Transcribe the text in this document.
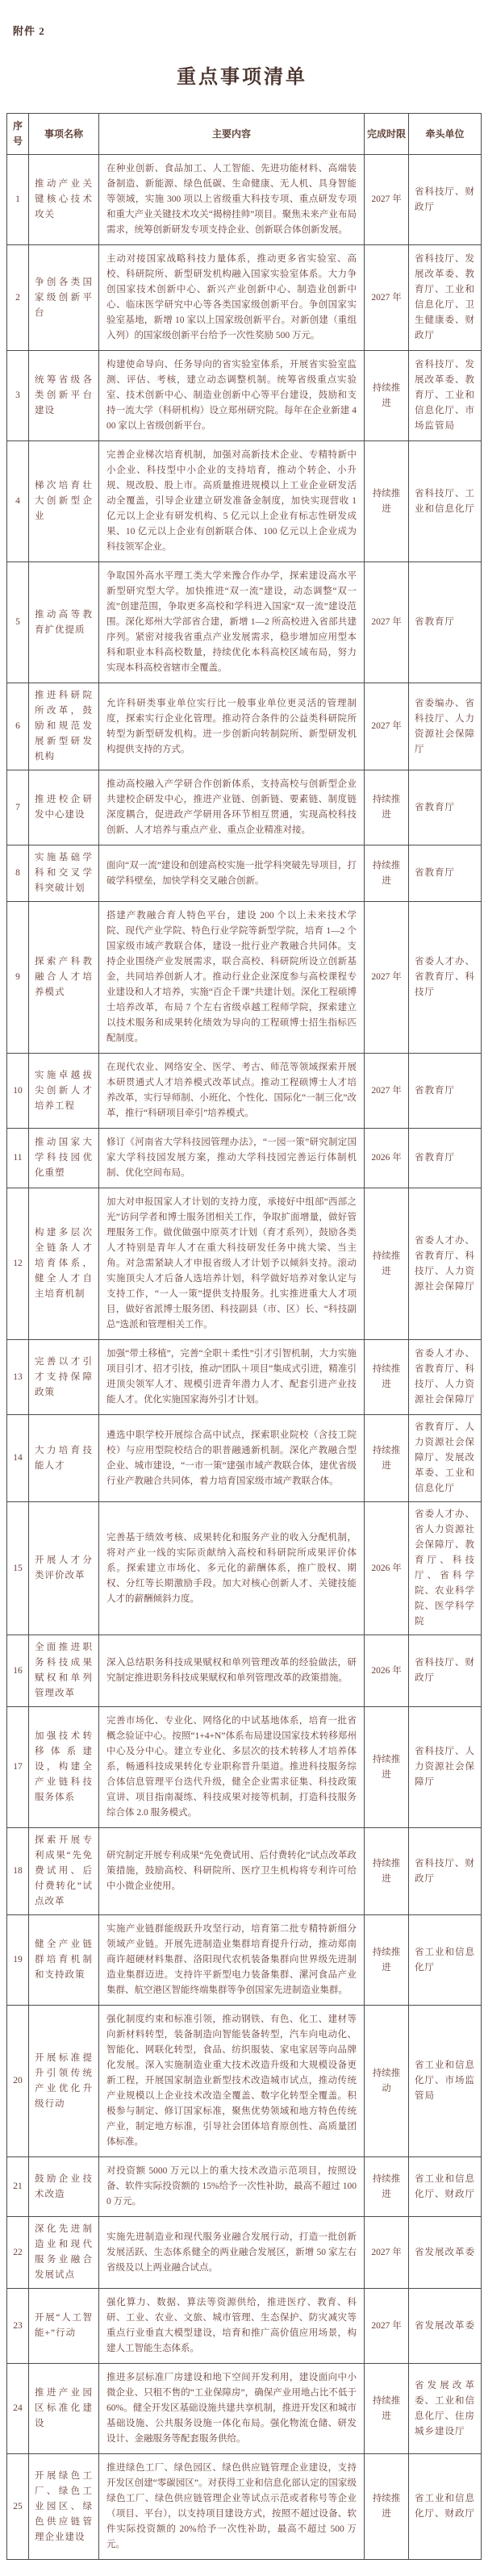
附件 2
重点事项清单
序号	事项名称	主要内容	完成时限	牵头单位
1	推动产业关键核心技术攻关	在种业创新、食品加工、人工智能、先进功能材料、高端装备制造、新能源、绿色低碳、生命健康、无人机、具身智能等领域，实施 300 项以上省级重大科技专项、重点研发专项和重大产业关键技术攻关“揭榜挂帅”项目。聚焦未来产业布局需求，统筹创新研发专项支持企业、创新联合体创新发展。	2027 年	省科技厅、财政厅
2	争创各类国家级创新平台	主动对接国家战略科技力量体系，推动更多省实验室、高校、科研院所、新型研发机构融入国家实验室体系。大力争创国家技术创新中心、新兴产业创新中心、制造业创新中心、临床医学研究中心等各类国家级创新平台。争创国家实验室基地，新增 10 家以上国家级创新平台。对新创建（重组入列）的国家级创新平台给予一次性奖励 500 万元。	2027 年	省科技厅、发展改革委、教育厅、工业和信息化厅、卫生健康委、财政厅
3	统筹省级各类创新平台建设	构建使命导向、任务导向的省实验室体系，开展省实验室监测、评估、考核，建立动态调整机制。统筹省级重点实验室、技术创新中心、制造业创新中心等平台建设，鼓励和支持一流大学（科研机构）设立郑州研究院。每年在企业新建 400 家以上省级创新平台。	持续推进	省科技厅、发展改革委、教育厅、工业和信息化厅、市场监管局
4	梯次培育壮大创新型企业	完善企业梯次培育机制，加强对高新技术企业、专精特新中小企业、科技型中小企业的支持培育，推动个转企、小升规、规改股、股上市。高质量推进规模以上工业企业研发活动全覆盖，引导企业建立研发准备金制度，加快实现营收 1 亿元以上企业有研发机构、5 亿元以上企业有标志性研发成果、10 亿元以上企业有创新联合体、100 亿元以上企业成为科技领军企业。	持续推进	省科技厅、工业和信息化厅
5	推动高等教育扩优提质	争取国外高水平理工类大学来豫合作办学，探索建设高水平新型研究型大学。加快推进“双一流”建设，动态调整“双一流”创建范围，争取更多高校和学科进入国家“双一流”建设范围。深化郑州大学部省合建，新增 1—2 所高校进入省部共建序列。紧密对接我省重点产业发展需求，稳步增加应用型本科和职业本科高校数量，持续优化本科高校区域布局，努力实现本科高校省辖市全覆盖。	2027 年	省教育厅
6	推进科研院所改革，鼓励和规范发展新型研发机构	允许科研类事业单位实行比一般事业单位更灵活的管理制度，探索实行企业化管理。推动符合条件的公益类科研院所转型为新型研发机构。进一步创新向转制院所、新型研发机构提供支持的方式。	2027 年	省委编办、省科技厅、人力资源社会保障厅
7	推进校企研发中心建设	推动高校融入产学研合作创新体系，支持高校与创新型企业共建校企研发中心，推进产业链、创新链、要素链、制度链深度耦合，促进政产学研用各环节相互贯通，实现高校科技创新、人才培养与重点产业、重点企业精准对接。	持续推进	省教育厅
8	实施基础学科和交叉学科突破计划	面向“双一流”建设和创建高校实施一批学科突破先导项目，打破学科壁垒，加快学科交叉融合创新。	持续推进	省教育厅
9	探索产科教融合人才培养模式	搭建产教融合育人特色平台，建设 200 个以上未来技术学院、现代产业学院、特色行业学院等新型学院，培育 1—2 个国家级市域产教联合体，建设一批行业产教融合共同体。支持企业围绕产业发展需求，联合高校、科研院所设立创新基金，共同培养创新人才。推动行业企业深度参与高校课程专业建设和人才培养，实施“百企千课”共建计划。深化工程硕博士培养改革，布局 7 个左右省级卓越工程师学院，探索建立以技术服务和成果转化绩效为导向的工程硕博士招生指标匹配制度。	2027 年	省委人才办、省教育厅、科技厅
10	实施卓越拔尖创新人才培养工程	在现代农业、网络安全、医学、考古、师范等领域探索开展本研贯通式人才培养模式改革试点。推动工程硕博士人才培养改革，实行导师制、小班化、个性化、国际化“一制三化”改革，推行“科研项目牵引”培养模式。	2027 年	省教育厅
11	推动国家大学科技园优化重塑	修订《河南省大学科技园管理办法》，“一园一策”研究制定国家大学科技园发展方案，推动大学科技园完善运行体制机制、优化空间布局。	2026 年	省教育厅
12	构建多层次全链条人才培育体系，健全人才自主培育机制	加大对申报国家人才计划的支持力度，承接好中组部“西部之光”访问学者和博士服务团相关工作，争取扩面增量，做好管理服务工作。做优做强中原英才计划（育才系列），鼓励各类人才特别是青年人才在重大科技研发任务中挑大梁、当主角。对急需紧缺人才申报省级人才计划予以倾斜支持。滚动实施顶尖人才后备人选培养计划，科学做好培养对象认定与支持工作，“一人一策”提供支持服务。扎实推进重大人才项目，做好省派博士服务团、科技副县（市、区）长、“科技副总”选派和管理相关工作。	持续推进	省委人才办、省教育厅、科技厅、人力资源社会保障厅
13	完善以才引才支持保障政策	加强“带土移植”，完善“全职＋柔性”引才引智机制，大力实施项目引才、招才引技，推动“团队＋项目”集成式引进，精准引进顶尖领军人才、规模引进青年潜力人才、配套引进产业技能人才。优化实施国家海外引才计划。	持续推进	省委人才办、省教育厅、科技厅、人力资源社会保障厅
14	大力培育技能人才	遴选中职学校开展综合高中试点，探索职业院校（含技工院校）与应用型院校结合的职普融通新机制。深化产教融合型企业、城市建设，“一市一策”建强市域产教联合体，建优省级行业产教融合共同体，着力培育国家级市域产教联合体。	持续推进	省教育厅、人力资源社会保障厅、发展改革委、工业和信息化厅
15	开展人才分类评价改革	完善基于绩效考核、成果转化和服务产业的收入分配机制，将对产业一线的实际贡献纳入高校和科研院所成果评价体系。探索建立市场化、多元化的薪酬体系，推广股权、期权、分红等长期激励手段。加大对核心创新人才、关键技能人才的薪酬倾斜力度。	2026 年	省委人才办、省人力资源社会保障厅、教育厅、科技厅、省科学院、农业科学院、医学科学院
16	全面推进职务科技成果赋权和单列管理改革	深入总结职务科技成果赋权和单列管理改革的经验做法，研究制定推进职务科技成果赋权和单列管理改革的政策措施。	2026 年	省科技厅、财政厅
17	加强技术转移体系建设，构建全产业链科技服务体系	完善市场化、专业化、网络化的中试基地体系，培育一批省概念验证中心。按照“1+4+N”体系布局建设国家技术转移郑州中心及分中心。建立专业化、多层次的技术转移人才培养体系，畅通科技成果转化专业职称晋升渠道。推进科技服务综合体信息管理平台迭代升级，健全企业需求征集、科技政策宣讲、项目指南凝练、科技成果对接等机制，打造科技服务综合体 2.0 服务模式。	持续推进	省科技厅、人力资源社会保障厅
18	探索开展专利成果“先免费试用、后付费转化”试点改革	研究制定开展专利成果“先免费试用、后付费转化”试点改革政策措施，鼓励高校、科研院所、医疗卫生机构将专利许可给中小微企业使用。	持续推进	省科技厅、财政厅
19	健全产业链群培育机制和支持政策	实施产业链群能级跃升攻坚行动，培育第二批专精特新细分领域产业链。开展先进制造业集群培育提升行动，推动郑南商许超硬材料集群、洛阳现代农机装备集群向世界级先进制造业集群迈进。支持许平新型电力装备集群、漯河食品产业集群、航空港区智能终端集群等争创国家先进制造业集群。	持续推进	省工业和信息化厅
20	开展标准提升引领传统产业优化升级行动	强化制度约束和标准引领，推动钢铁、有色、化工、建材等向新材料转型，装备制造向智能装备转型，汽车向电动化、智能化、网联化转型，食品、纺织服装、家电家居等向品牌化发展。深入实施制造业重大技术改造升级和大规模设备更新工程，开展国家制造业新型技术改造城市试点，推动传统产业规模以上企业技术改造全覆盖、数字化转型全覆盖。积极参与制定、修订国家标准，聚焦优势领域和地方特色传统产业，制定地方标准，引导社会团体培育原创性、高质量团体标准。	持续推动	省工业和信息化厅、市场监管局
21	鼓励企业技术改造	对投资额 5000 万元以上的重大技术改造示范项目，按照设备、软件实际投资额的 15%给予一次性补助，最高不超过 1000 万元。	持续推进	省工业和信息化厅、财政厅
22	深化先进制造业和现代服务业融合发展试点	实施先进制造业和现代服务业融合发展行动，打造一批创新发展活跃、生态体系健全的两业融合发展区，新增 50 家左右省级及以上两业融合试点。	2027 年	省发展改革委
23	开展“人工智能+”行动	强化算力、数据、算法等资源供给，推进医疗、教育、科研、工业、农业、文旅、城市管理、生态保护、防灾减灾等重点行业垂直大模型建设，培育和推广高价值应用场景，构建人工智能生态体系。	2027 年	省发展改革委
24	推进产业园区标准化建设	推进多层标准厂房建设和地下空间开发利用，建设面向中小微企业、只租不售的“工业保障房”，确保产业用地占比不低于 60%。健全开发区基础设施共建共享机制，推进开发区和城市基础设施、公共服务设施一体化布局。强化物流仓储、研发设计、金融服务等配套服务供给。	持续推进	省发展改革委、工业和信息化厅、住房城乡建设厅
25	开展绿色工厂、绿色工业园区、绿色供应链管理企业建设	推进绿色工厂、绿色园区、绿色供应链管理企业建设，支持开发区创建“零碳园区”。对获得工业和信息化部认定的国家级绿色工厂、绿色供应链管理企业等试点示范或者称号等企业（项目、平台），以支持项目建设方式，按照不超过设备、软件实际投资额的 20%给予一次性补助，最高不超过 500 万元。	持续推进	省工业和信息化厅、财政厅
